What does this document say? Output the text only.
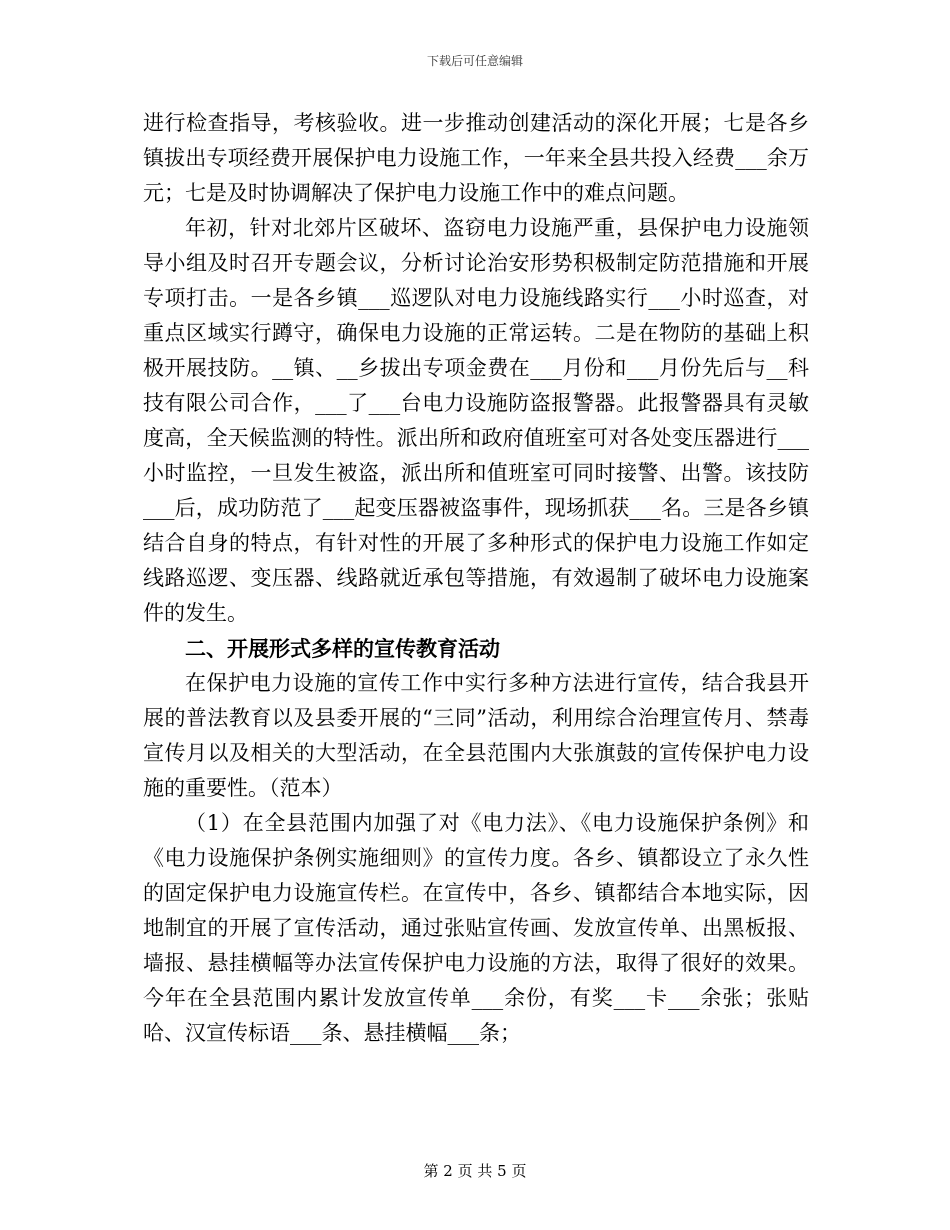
下载后可任意编辑

进行检查指导，考核验收。进一步推动创建活动的深化开展；七是各乡镇拔出专项经费开展保护电力设施工作，一年来全县共投入经费___余万元；七是及时协调解决了保护电力设施工作中的难点问题。

年初，针对北郊片区破坏、盗窃电力设施严重，县保护电力设施领导小组及时召开专题会议，分析讨论治安形势积极制定防范措施和开展专项打击。一是各乡镇___巡逻队对电力设施线路实行___小时巡查，对重点区域实行蹲守，确保电力设施的正常运转。二是在物防的基础上积极开展技防。__镇、__乡拔出专项金费在___月份和___月份先后与__科技有限公司合作，___了___台电力设施防盗报警器。此报警器具有灵敏度高，全天候监测的特性。派出所和政府值班室可对各处变压器进行___小时监控，一旦发生被盗，派出所和值班室可同时接警、出警。该技防___后，成功防范了___起变压器被盗事件，现场抓获___名。三是各乡镇结合自身的特点，有针对性的开展了多种形式的保护电力设施工作如定线路巡逻、变压器、线路就近承包等措施，有效遏制了破坏电力设施案件的发生。

二、开展形式多样的宣传教育活动

在保护电力设施的宣传工作中实行多种方法进行宣传，结合我县开展的普法教育以及县委开展的“三同”活动，利用综合治理宣传月、禁毒宣传月以及相关的大型活动，在全县范围内大张旗鼓的宣传保护电力设施的重要性。（范本）

（1）在全县范围内加强了对《电力法》、《电力设施保护条例》和《电力设施保护条例实施细则》的宣传力度。各乡、镇都设立了永久性的固定保护电力设施宣传栏。在宣传中，各乡、镇都结合本地实际，因地制宜的开展了宣传活动，通过张贴宣传画、发放宣传单、出黑板报、墙报、悬挂横幅等办法宣传保护电力设施的方法，取得了很好的效果。今年在全县范围内累计发放宣传单___余份，有奖___卡___余张；张贴哈、汉宣传标语___条、悬挂横幅___条；

第 2 页 共 5 页
